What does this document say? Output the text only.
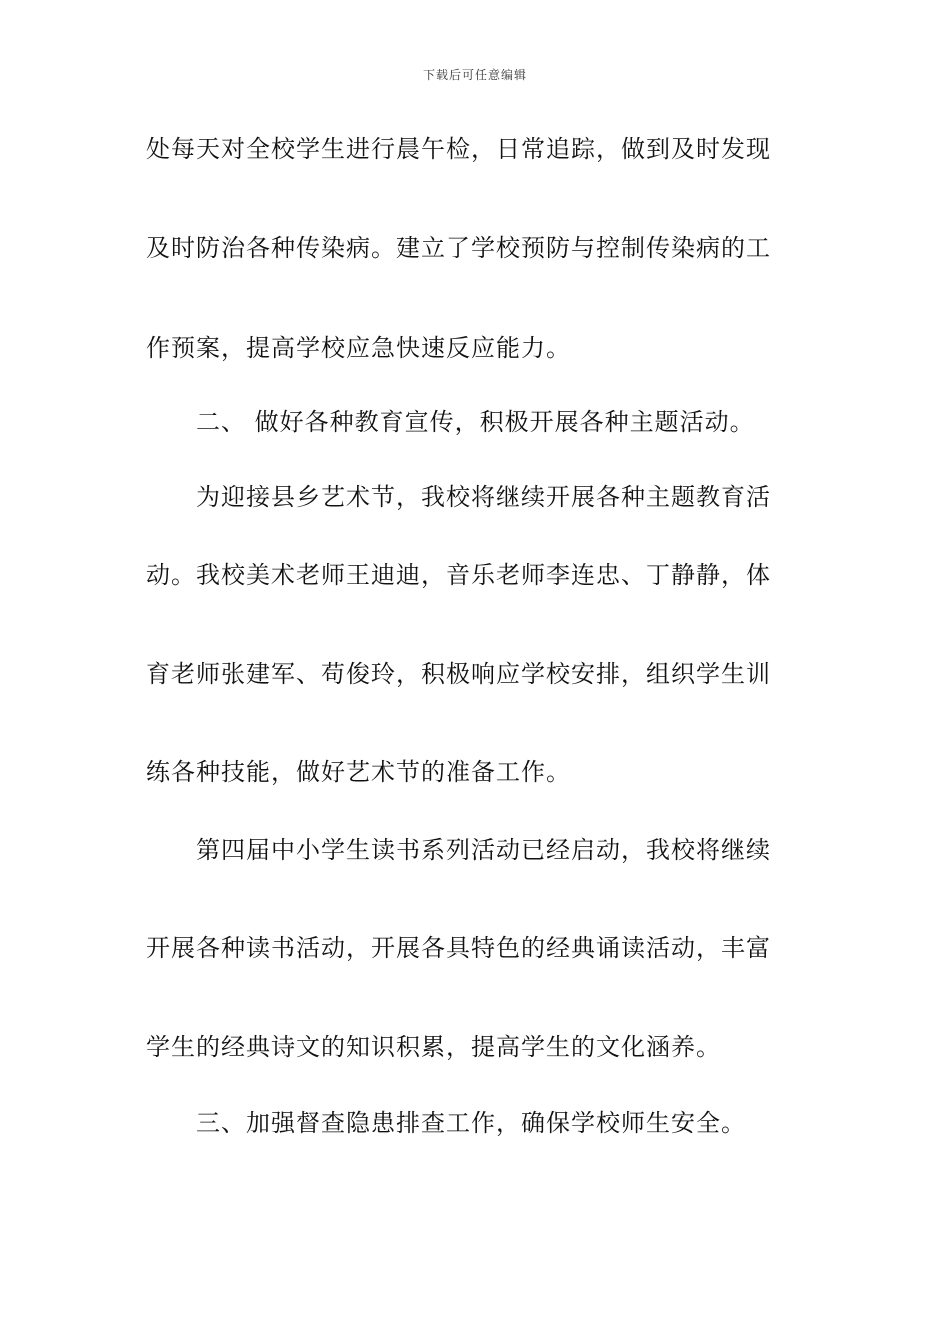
下载后可任意编辑
处每天对全校学生进行晨午检，日常追踪，做到及时发现
及时防治各种传染病。建立了学校预防与控制传染病的工
作预案，提高学校应急快速反应能力。
二、 做好各种教育宣传，积极开展各种主题活动。
为迎接县乡艺术节，我校将继续开展各种主题教育活
动。我校美术老师王迪迪，音乐老师李连忠、丁静静，体
育老师张建军、苟俊玲，积极响应学校安排，组织学生训
练各种技能，做好艺术节的准备工作。
第四届中小学生读书系列活动已经启动，我校将继续
开展各种读书活动，开展各具特色的经典诵读活动，丰富
学生的经典诗文的知识积累，提高学生的文化涵养。
三、加强督查隐患排查工作，确保学校师生安全。
